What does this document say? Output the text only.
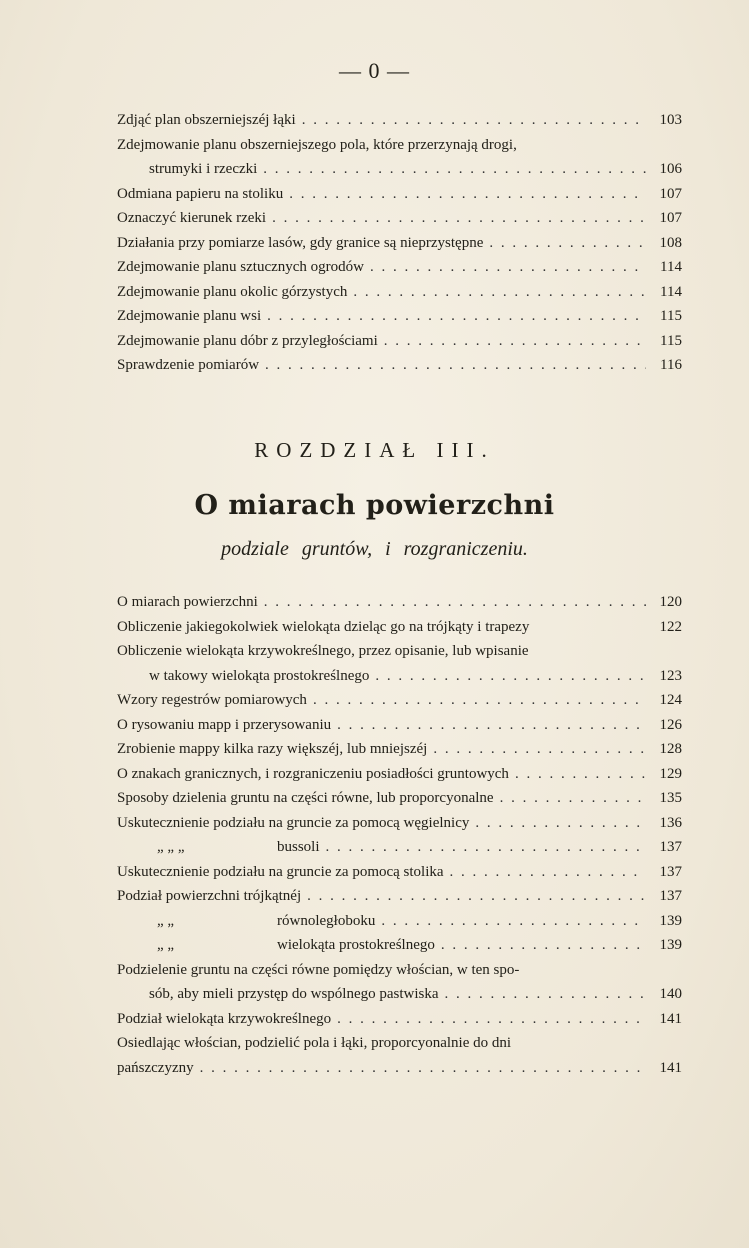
— 0 —
Zdjąć plan obszerniejszéj łąki . . .	103
Zdejmowanie planu obszerniejszego pola, które przerzynają drogi,
strumyki i rzeczki . . .	106
Odmiana papieru na stoliku . . .	107
Oznaczyć kierunek rzeki . . .	107
Działania przy pomiarze lasów, gdy granice są nieprzystępne . . .	108
Zdejmowanie planu sztucznych ogrodów . . .	114
Zdejmowanie planu okolic górzystych . . .	114
Zdejmowanie planu wsi . . .	115
Zdejmowanie planu dóbr z przyległościami . . .	115
Sprawdzenie pomiarów . . .	116
ROZDZIAŁ III.
O miarach powierzchni
podziale gruntów, i rozgraniczeniu.
O miarach powierzchni . . .	120
Obliczenie jakiegokolwiek wielokąta dzieląc go na trójkąty i trapezy	122
Obliczenie wielokąta krzywokreślnego, przez opisanie, lub wpisanie
w takowy wielokąta prostokreślnego . . .	123
Wzory regestrów pomiarowych . . .	124
O rysowaniu mapp i przerysowaniu . . .	126
Zrobienie mappy kilka razy większéj, lub mniejszéj . . .	128
O znakach granicznych, i rozgraniczeniu posiadłości gruntowych . . .	129
Sposoby dzielenia gruntu na części równe, lub proporcyonalne . . .	135
Uskutecznienie podziału na gruncie za pomocą węgielnicy . . .	136
„ „ „	bussoli . . .	137
Uskutecznienie podziału na gruncie za pomocą stolika . . .	137
Podział powierzchni trójkątnéj . . .	137
„ „	równoległoboku . . .	139
„ „	wielokąta prostokreślnego . . .	139
Podzielenie gruntu na części równe pomiędzy włościan, w ten spo-
sób, aby mieli przystęp do wspólnego pastwiska . . .	140
Podział wielokąta krzywokreślnego . . .	141
Osiedlając włościan, podzielić pola i łąki, proporcyonalnie do dni
pańszczyzny . . .	141
